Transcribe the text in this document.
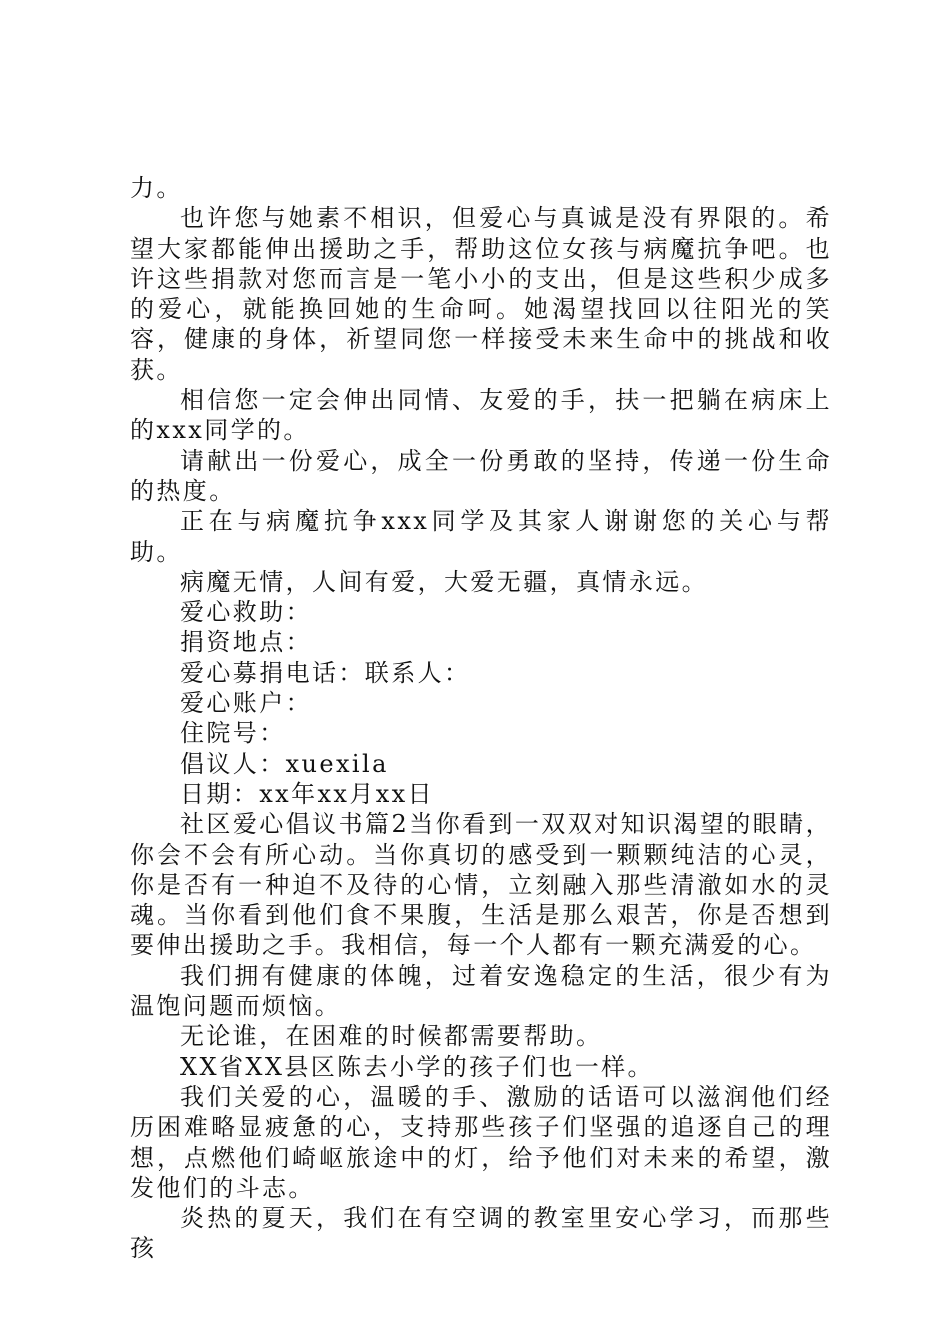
力。

也许您与她素不相识，但爱心与真诚是没有界限的。希望大家都能伸出援助之手，帮助这位女孩与病魔抗争吧。也许这些捐款对您而言是一笔小小的支出，但是这些积少成多的爱心，就能换回她的生命呵。她渴望找回以往阳光的笑容，健康的身体，祈望同您一样接受未来生命中的挑战和收获。

相信您一定会伸出同情、友爱的手，扶一把躺在病床上的xxx同学的。

请献出一份爱心，成全一份勇敢的坚持，传递一份生命的热度。

正在与病魔抗争xxx同学及其家人谢谢您的关心与帮助。

病魔无情，人间有爱，大爱无疆，真情永远。

爱心救助：

捐资地点：

爱心募捐电话：联系人：

爱心账户：

住院号：

倡议人：xuexila

日期：xx年xx月xx日

社区爱心倡议书篇2当你看到一双双对知识渴望的眼睛，你会不会有所心动。当你真切的感受到一颗颗纯洁的心灵，你是否有一种迫不及待的心情，立刻融入那些清澈如水的灵魂。当你看到他们食不果腹，生活是那么艰苦，你是否想到要伸出援助之手。我相信，每一个人都有一颗充满爱的心。

我们拥有健康的体魄，过着安逸稳定的生活，很少有为温饱问题而烦恼。

无论谁，在困难的时候都需要帮助。

XX省XX县区陈去小学的孩子们也一样。

我们关爱的心，温暖的手、激励的话语可以滋润他们经历困难略显疲惫的心，支持那些孩子们坚强的追逐自己的理想，点燃他们崎岖旅途中的灯，给予他们对未来的希望，激发他们的斗志。

炎热的夏天，我们在有空调的教室里安心学习，而那些孩
